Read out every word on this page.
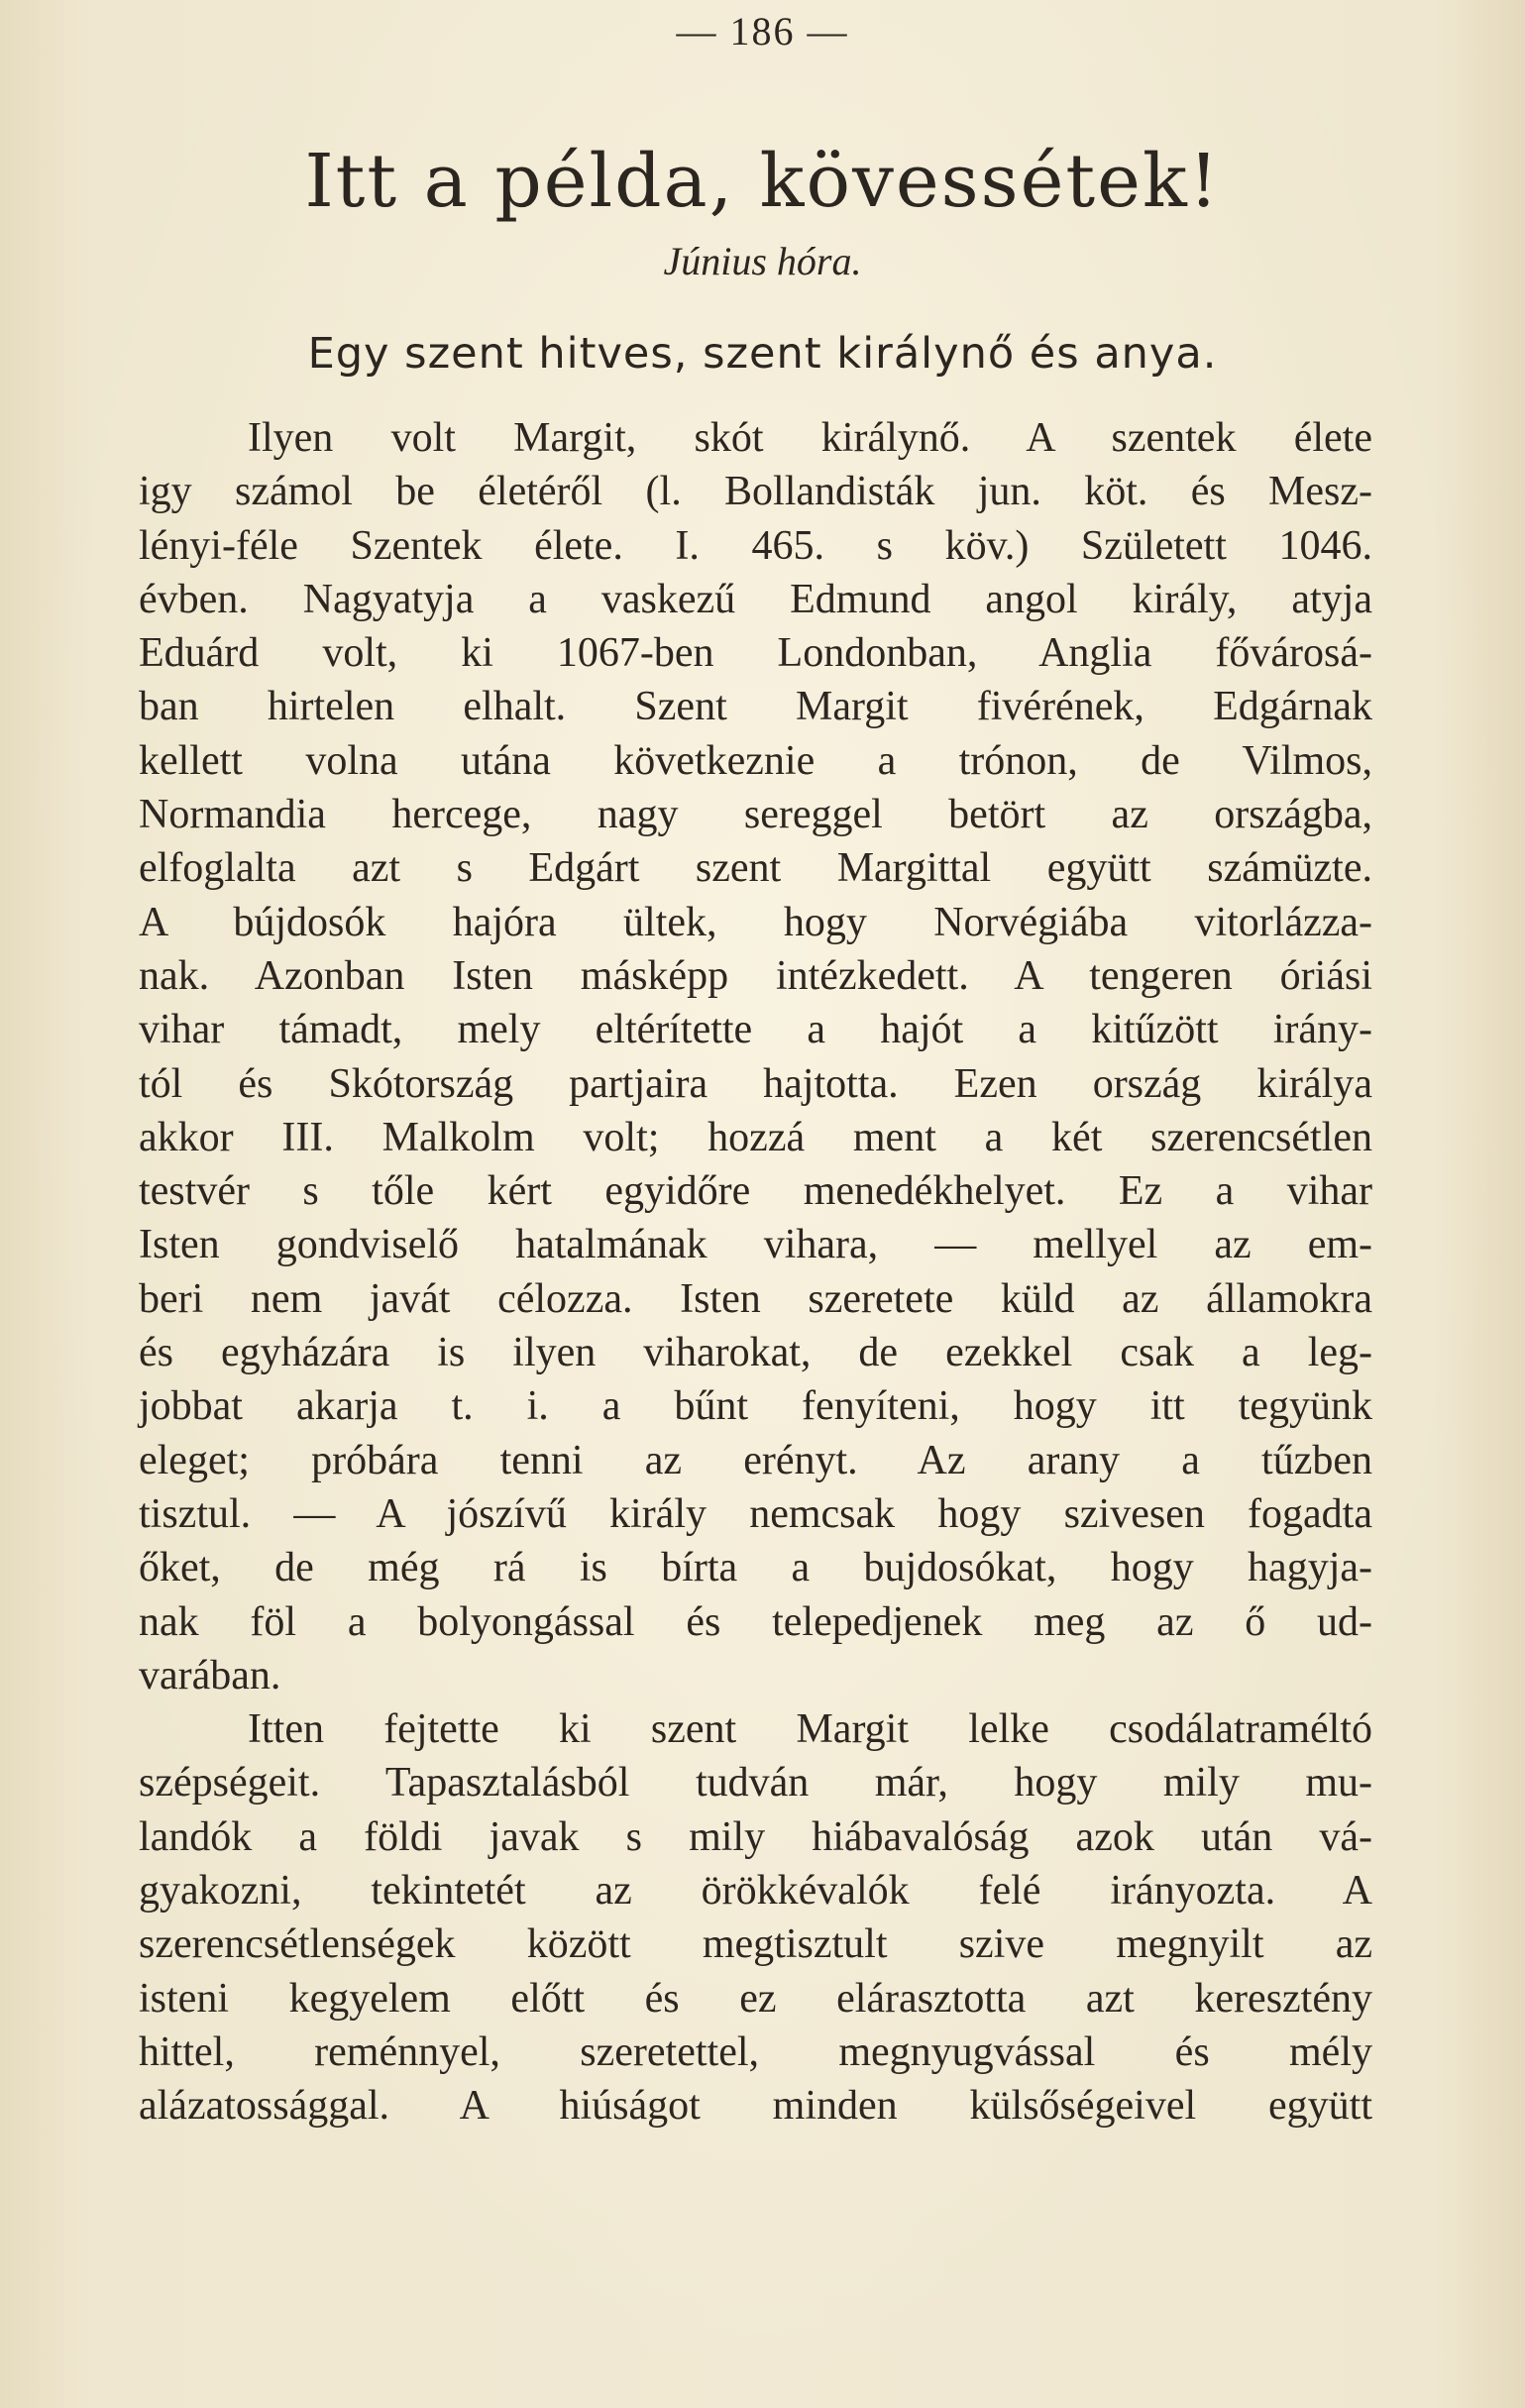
— 186 —
Itt a példa, kövessétek!
Június hóra.
Egy szent hitves, szent királynő és anya.
Ilyen volt Margit, skót királynő. A szentek élete
igy számol be életéről (l. Bollandisták jun. köt. és Mesz-
lényi-féle Szentek élete. I. 465. s köv.) Született 1046.
évben. Nagyatyja a vaskezű Edmund angol király, atyja
Eduárd volt, ki 1067-ben Londonban, Anglia fővárosá-
ban hirtelen elhalt. Szent Margit fivérének, Edgárnak
kellett volna utána következnie a trónon, de Vilmos,
Normandia hercege, nagy sereggel betört az országba,
elfoglalta azt s Edgárt szent Margittal együtt számüzte.
A bújdosók hajóra ültek, hogy Norvégiába vitorlázza-
nak. Azonban Isten másképp intézkedett. A tengeren óriási
vihar támadt, mely eltérítette a hajót a kitűzött irány-
tól és Skótország partjaira hajtotta. Ezen ország királya
akkor III. Malkolm volt; hozzá ment a két szerencsétlen
testvér s tőle kért egyidőre menedékhelyet. Ez a vihar
Isten gondviselő hatalmának vihara, — mellyel az em-
beri nem javát célozza. Isten szeretete küld az államokra
és egyházára is ilyen viharokat, de ezekkel csak a leg-
jobbat akarja t. i. a bűnt fenyíteni, hogy itt tegyünk
eleget; próbára tenni az erényt. Az arany a tűzben
tisztul. — A jószívű király nemcsak hogy szivesen fogadta
őket, de még rá is bírta a bujdosókat, hogy hagyja-
nak föl a bolyongással és telepedjenek meg az ő ud-
varában.
Itten fejtette ki szent Margit lelke csodálatraméltó
szépségeit. Tapasztalásból tudván már, hogy mily mu-
landók a földi javak s mily hiábavalóság azok után vá-
gyakozni, tekintetét az örökkévalók felé irányozta. A
szerencsétlenségek között megtisztult szive megnyilt az
isteni kegyelem előtt és ez elárasztotta azt keresztény
hittel, reménnyel, szeretettel, megnyugvással és mély
alázatossággal. A hiúságot minden külsőségeivel együtt
